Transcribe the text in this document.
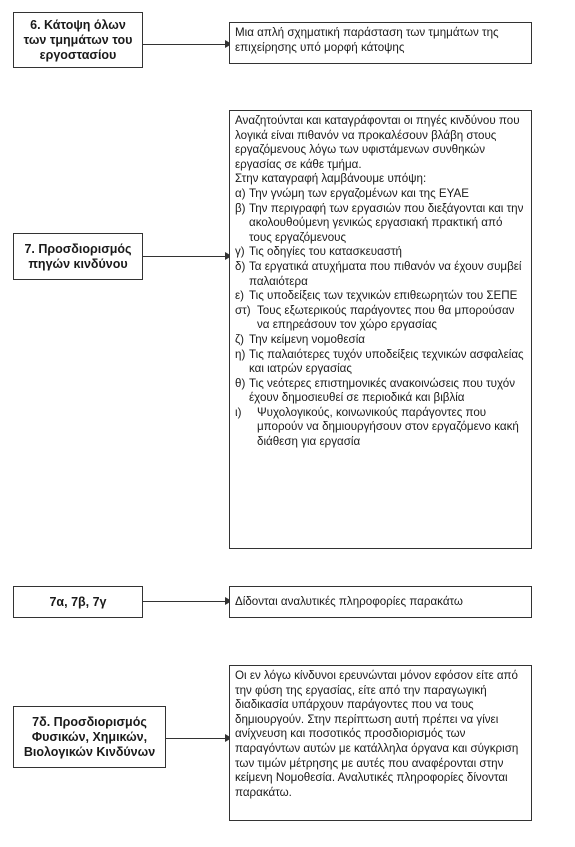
6. Κάτοψη όλων των τμημάτων του εργοστασίου
Μια απλή σχηματική παράσταση των τμημάτων της επιχείρησης υπό μορφή κάτοψης
7. Προσδιορισμός πηγών κινδύνου
Αναζητούνται και καταγράφονται οι πηγές κινδύνου που λογικά είναι πιθανόν να προκαλέσουν βλάβη στους εργαζόμενους λόγω των υφιστάμενων συνθηκών εργασίας σε κάθε τμήμα.
Στην καταγραφή λαμβάνουμε υπόψη:
α) Την γνώμη των εργαζομένων και της ΕΥΑΕ
β) Την περιγραφή των εργασιών που διεξάγονται και την ακολουθούμενη γενικώς εργασιακή πρακτική από τους εργαζόμενους
γ) Τις οδηγίες του κατασκευαστή
δ) Τα εργατικά ατυχήματα που πιθανόν να έχουν συμβεί παλαιότερα
ε) Τις υποδείξεις των τεχνικών επιθεωρητών του ΣΕΠΕ
στ) Τους εξωτερικούς παράγοντες που θα μπορούσαν να επηρεάσουν τον χώρο εργασίας
ζ) Την κείμενη νομοθεσία
η) Τις παλαιότερες τυχόν υποδείξεις τεχνικών ασφαλείας και ιατρών εργασίας
θ) Τις νεότερες επιστημονικές ανακοινώσεις που τυχόν έχουν δημοσιευθεί σε περιοδικά και βιβλία
ι)	Ψυχολογικούς, κοινωνικούς παράγοντες που μπορούν να δημιουργήσουν στον εργαζόμενο κακή διάθεση για εργασία
7α, 7β, 7γ	Δίδονται αναλυτικές πληροφορίες παρακάτω
7δ. Προσδιορισμός Φυσικών, Χημικών, Βιολογικών Κινδύνων
Οι εν λόγω κίνδυνοι ερευνώνται μόνον εφόσον είτε από την φύση της εργασίας, είτε από την παραγωγική διαδικασία υπάρχουν παράγοντες που να τους δημιουργούν. Στην περίπτωση αυτή πρέπει να γίνει ανίχνευση και ποσοτικός προσδιορισμός των παραγόντων αυτών με κατάλληλα όργανα και σύγκριση των τιμών μέτρησης με αυτές που αναφέρονται στην κείμενη Νομοθεσία. Αναλυτικές πληροφορίες δίνονται παρακάτω.
